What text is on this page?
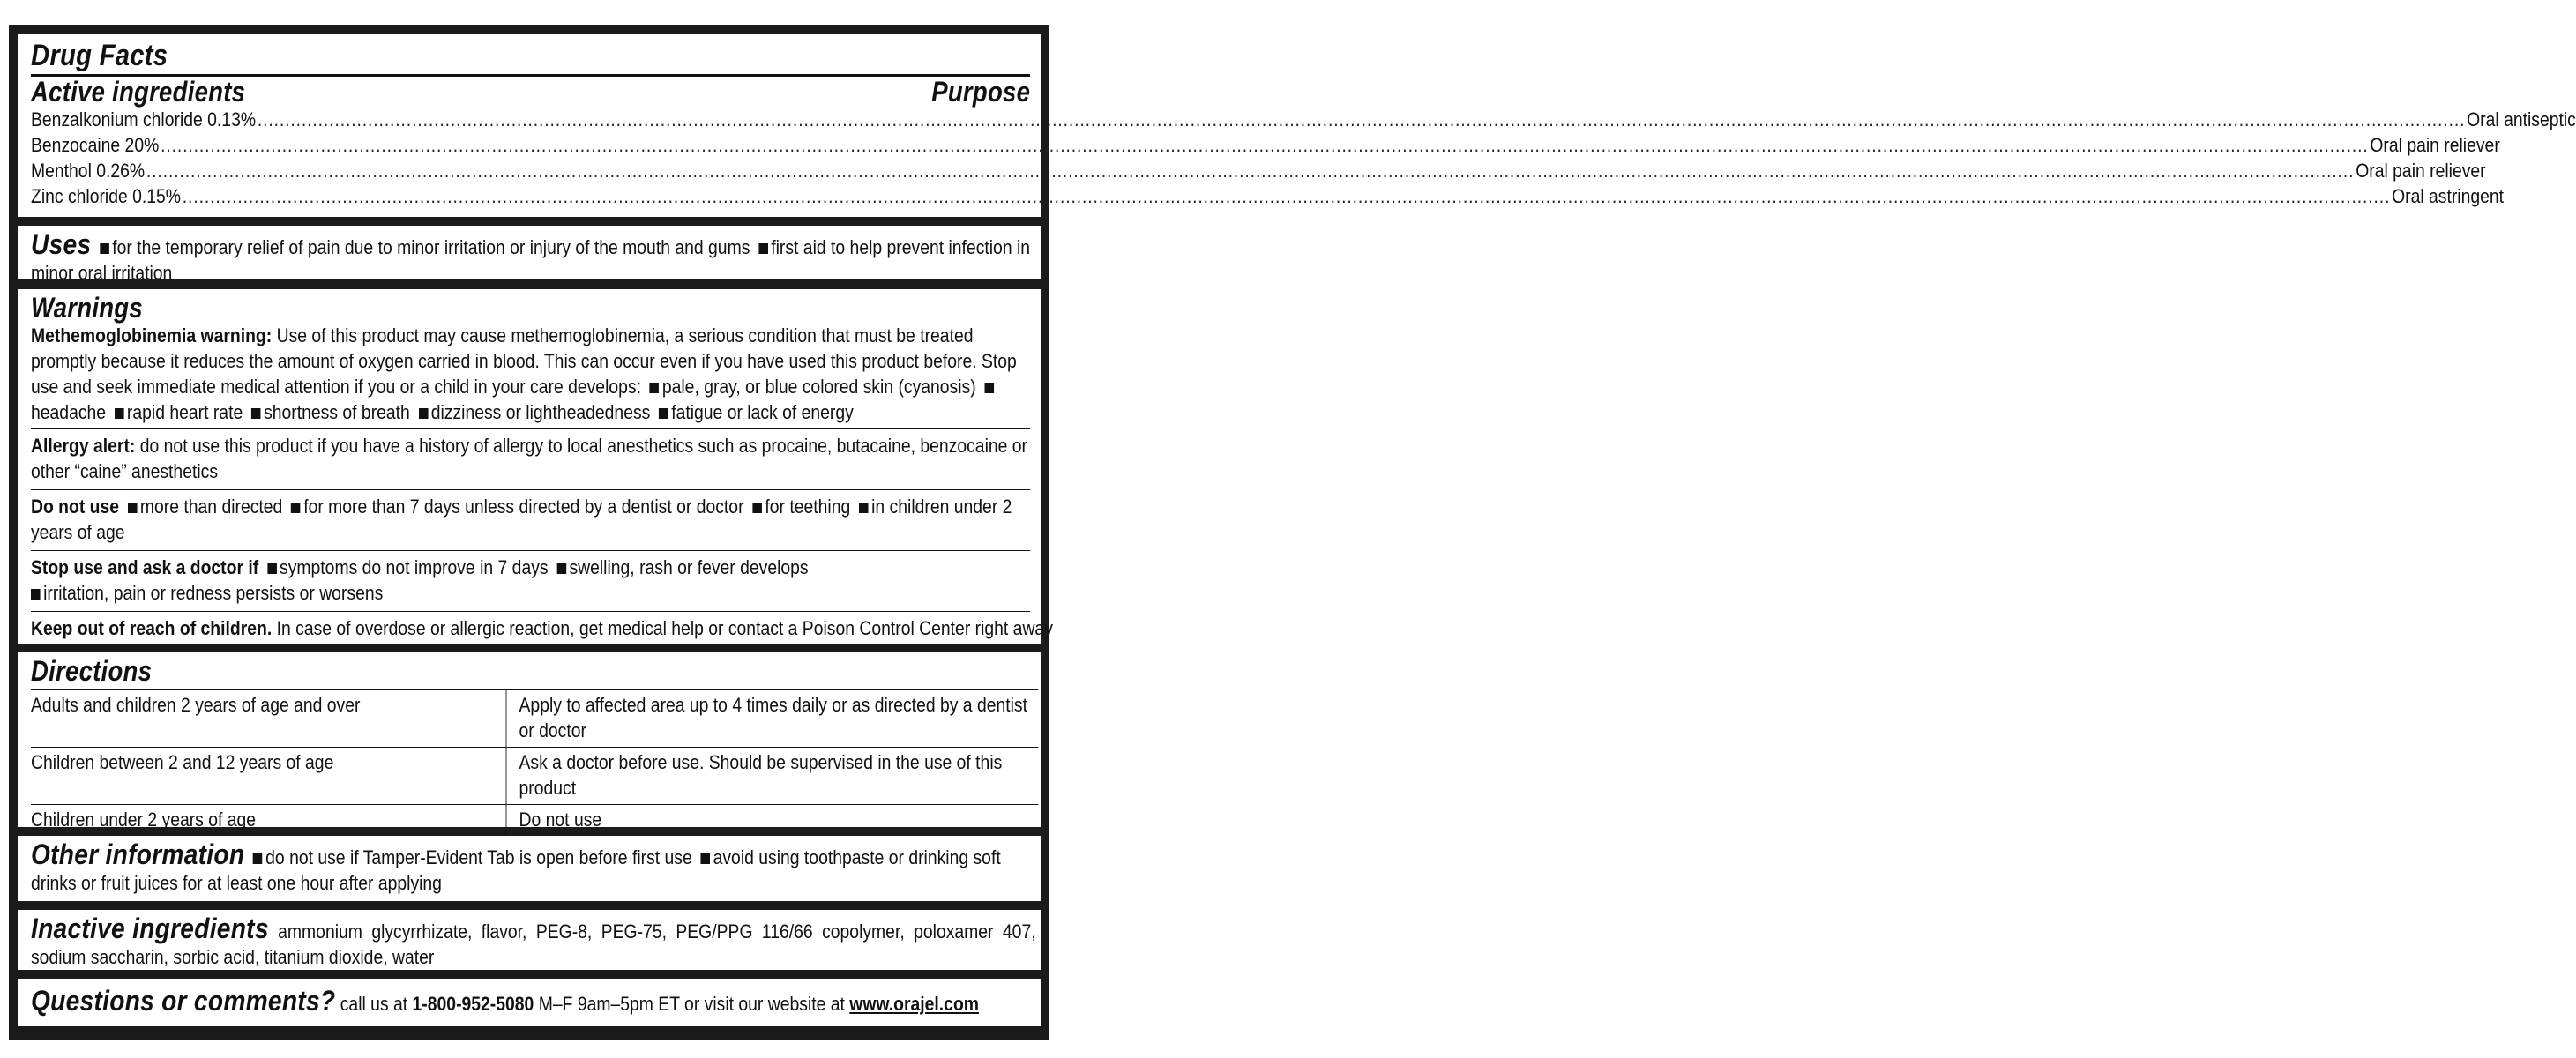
Drug Facts
Active ingredients	Purpose
Benzalkonium chloride 0.13% ................................................................................................................................................................................................................................................................................................................................................................................................................ Oral antiseptic
Benzocaine 20% ................................................................................................................................................................................................................................................................................................................................................................................................................ Oral pain reliever
Menthol 0.26% ................................................................................................................................................................................................................................................................................................................................................................................................................ Oral pain reliever
Zinc chloride 0.15% ................................................................................................................................................................................................................................................................................................................................................................................................................ Oral astringent
Uses for the temporary relief of pain due to minor irritation or injury of the mouth and gums first aid to help prevent infection in minor oral irritation
Warnings
Methemoglobinemia warning: Use of this product may cause methemoglobinemia, a serious condition that must be treated promptly because it reduces the amount of oxygen carried in blood. This can occur even if you have used this product before. Stop use and seek immediate medical attention if you or a child in your care develops: pale, gray, or blue colored skin (cyanosis) headache rapid heart rate shortness of breath dizziness or lightheadedness fatigue or lack of energy
Allergy alert: do not use this product if you have a history of allergy to local anesthetics such as procaine, butacaine, benzocaine or other “caine” anesthetics
Do not use more than directed for more than 7 days unless directed by a dentist or doctor for teething in children under 2 years of age
Stop use and ask a doctor if symptoms do not improve in 7 days swelling, rash or fever develops
irritation, pain or redness persists or worsens
Keep out of reach of children. In case of overdose or allergic reaction, get medical help or contact a Poison Control Center right away
Directions
Adults and children 2 years of age and over	Apply to affected area up to 4 times daily or as directed by a dentist or doctor
Children between 2 and 12 years of age	Ask a doctor before use. Should be supervised in the use of this product
Children under 2 years of age	Do not use
Other information do not use if Tamper-Evident Tab is open before first use avoid using toothpaste or drinking soft drinks or fruit juices for at least one hour after applying
Inactive ingredients ammonium glycyrrhizate, flavor, PEG-8, PEG-75, PEG/PPG 116/66 copolymer, poloxamer 407, sodium saccharin, sorbic acid, titanium dioxide, water
Questions or comments? call us at 1-800-952-5080 M–F 9am–5pm ET or visit our website at www.orajel.com
